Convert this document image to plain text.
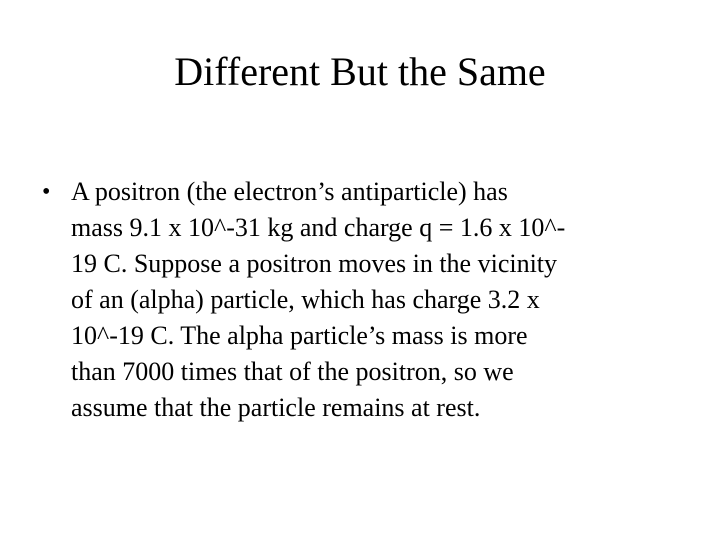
Different But the Same
• A positron (the electron’s antiparticle) has
mass 9.1 x 10^-31 kg and charge q = 1.6 x 10^-
19 C. Suppose a positron moves in the vicinity
of an (alpha) particle, which has charge 3.2 x
10^-19 C. The alpha particle’s mass is more
than 7000 times that of the positron, so we
assume that the particle remains at rest.
